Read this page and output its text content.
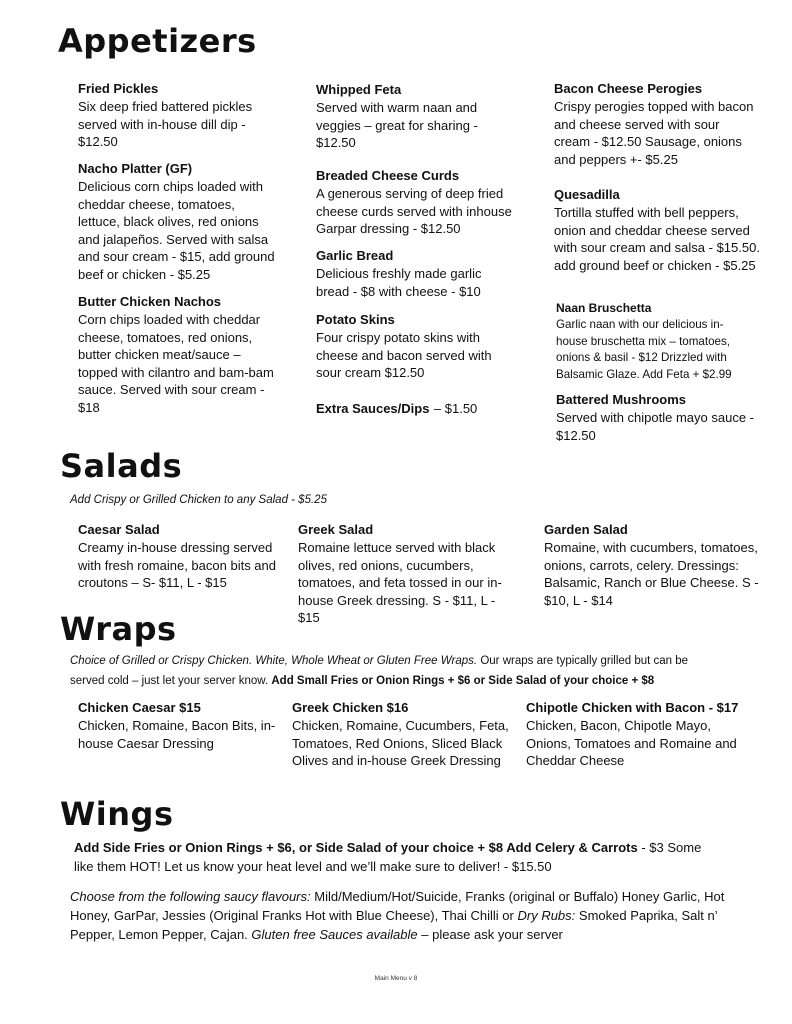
Appetizers
Fried Pickles
Six deep fried battered pickles served with in-house dill dip - $12.50
Nacho Platter (GF)
Delicious corn chips loaded with cheddar cheese, tomatoes, lettuce, black olives, red onions and jalapeños. Served with salsa and sour cream - $15, add ground beef or chicken - $5.25
Butter Chicken Nachos
Corn chips loaded with cheddar cheese, tomatoes, red onions, butter chicken meat/sauce – topped with cilantro and bam-bam sauce. Served with sour cream - $18
Whipped Feta
Served with warm naan and veggies – great for sharing - $12.50
Breaded Cheese Curds
A generous serving of deep fried cheese curds served with inhouse Garpar dressing - $12.50
Garlic Bread
Delicious freshly made garlic bread - $8 with cheese - $10
Potato Skins
Four crispy potato skins with cheese and bacon served with sour cream $12.50
Extra Sauces/Dips – $1.50
Bacon Cheese Perogies
Crispy perogies topped with bacon and cheese served with sour cream - $12.50 Sausage, onions and peppers +- $5.25
Quesadilla
Tortilla stuffed with bell peppers, onion and cheddar cheese served with sour cream and salsa - $15.50. add ground beef or chicken - $5.25
Naan Bruschetta
Garlic naan with our delicious in-house bruschetta mix – tomatoes, onions & basil - $12 Drizzled with Balsamic Glaze. Add Feta + $2.99
Battered Mushrooms
Served with chipotle mayo sauce - $12.50
Salads
Add Crispy or Grilled Chicken to any Salad - $5.25
Caesar Salad
Creamy in-house dressing served with fresh romaine, bacon bits and croutons – S- $11, L - $15
Greek Salad
Romaine lettuce served with black olives, red onions, cucumbers, tomatoes, and feta tossed in our in-house Greek dressing. S - $11, L - $15
Garden Salad
Romaine, with cucumbers, tomatoes, onions, carrots, celery. Dressings: Balsamic, Ranch or Blue Cheese. S - $10, L - $14
Wraps
Choice of Grilled or Crispy Chicken. White, Whole Wheat or Gluten Free Wraps. Our wraps are typically grilled but can be served cold – just let your server know. Add Small Fries or Onion Rings + $6 or Side Salad of your choice + $8
Chicken Caesar $15
Chicken, Romaine, Bacon Bits, in-house Caesar Dressing
Greek Chicken $16
Chicken, Romaine, Cucumbers, Feta, Tomatoes, Red Onions, Sliced Black Olives and in-house Greek Dressing
Chipotle Chicken with Bacon - $17
Chicken, Bacon, Chipotle Mayo, Onions, Tomatoes and Romaine and Cheddar Cheese
Wings
Add Side Fries or Onion Rings + $6, or Side Salad of your choice + $8 Add Celery & Carrots - $3 Some like them HOT! Let us know your heat level and we’ll make sure to deliver! - $15.50
Choose from the following saucy flavours: Mild/Medium/Hot/Suicide, Franks (original or Buffalo) Honey Garlic, Hot Honey, GarPar, Jessies (Original Franks Hot with Blue Cheese), Thai Chilli or Dry Rubs: Smoked Paprika, Salt n’ Pepper, Lemon Pepper, Cajan. Gluten free Sauces available – please ask your server
Main Menu v 8
